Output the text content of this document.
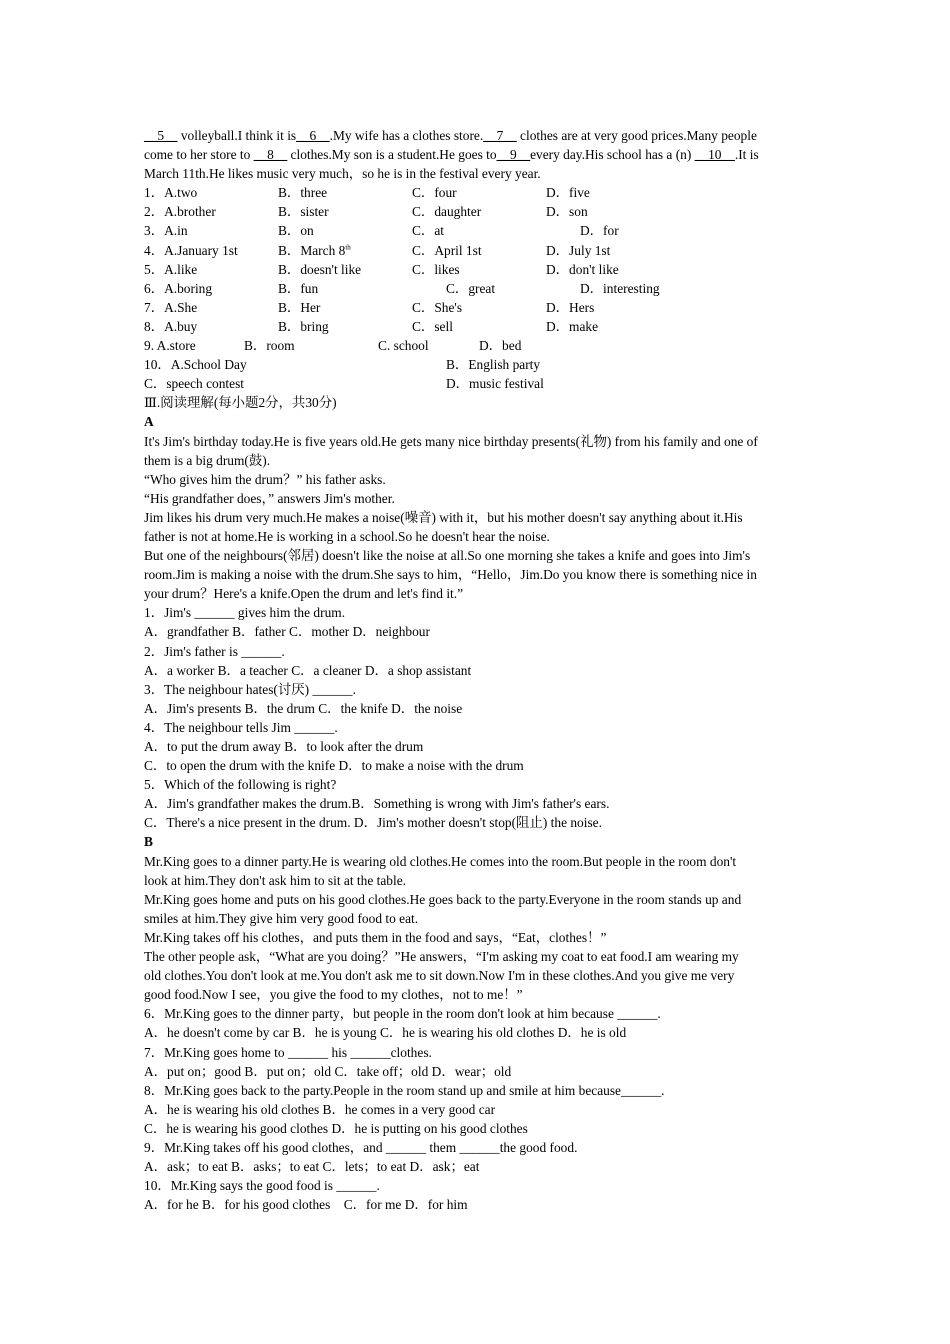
__5__ volleyball.I think it is__6__.My wife has a clothes store.__7__ clothes are at very good prices.Many people
come to her store to __8__ clothes.My son is a student.He goes to__9__every day.His school has a (n) __10__.It is
March 11th.He likes music very much，so he is in the festival every year.
1．A.two	B．three	C．four	D．five
2．A.brother	B．sister	C．daughter	D．son
3．A.in	B．on	C．at	D．for
4．A.January 1st	B．March 8th	C．April 1st	D．July 1st
5．A.like	B．doesn't like	C．likes	D．don't like
6．A.boring	B．fun	C．great	D．interesting
7．A.She	B．Her	C．She's	D．Hers
8．A.buy	B．bring	C．sell	D．make
9. A.store	B．room	C. school	D．bed
10．A.School Day	B．English party
C．speech contest	D．music festival
Ⅲ.阅读理解(每小题2分，共30分)
A
It's Jim's birthday today.He is five years old.He gets many nice birthday presents(礼物) from his family and one of
them is a big drum(鼓).
“Who gives him the drum？” his father asks.
“His grandfather does，” answers Jim's mother.
Jim likes his drum very much.He makes a noise(噪音) with it，but his mother doesn't say anything about it.His
father is not at home.He is working in a school.So he doesn't hear the noise.
But one of the neighbours(邻居) doesn't like the noise at all.So one morning she takes a knife and goes into Jim's
room.Jim is making a noise with the drum.She says to him，“Hello，Jim.Do you know there is something nice in
your drum？Here's a knife.Open the drum and let's find it.”
1．Jim's ______ gives him the drum.
A．grandfather B．father C．mother D．neighbour
2．Jim's father is ______.
A．a worker B．a teacher C．a cleaner D．a shop assistant
3．The neighbour hates(讨厌) ______.
A．Jim's presents B．the drum C．the knife D．the noise
4．The neighbour tells Jim ______.
A．to put the drum away B．to look after the drum
C．to open the drum with the knife D．to make a noise with the drum
5．Which of the following is right?
A．Jim's grandfather makes the drum.B．Something is wrong with Jim's father's ears.
C．There's a nice present in the drum. D．Jim's mother doesn't stop(阻止) the noise.
B
Mr.King goes to a dinner party.He is wearing old clothes.He comes into the room.But people in the room don't
look at him.They don't ask him to sit at the table.
Mr.King goes home and puts on his good clothes.He goes back to the party.Everyone in the room stands up and
smiles at him.They give him very good food to eat.
Mr.King takes off his clothes，and puts them in the food and says，“Eat，clothes！”
The other people ask，“What are you doing？”He answers，“I'm asking my coat to eat food.I am wearing my
old clothes.You don't look at me.You don't ask me to sit down.Now I'm in these clothes.And you give me very
good food.Now I see，you give the food to my clothes，not to me！”
6．Mr.King goes to the dinner party，but people in the room don't look at him because ______.
A．he doesn't come by car B．he is young C．he is wearing his old clothes D．he is old
7．Mr.King goes home to ______ his ______clothes.
A．put on；good B．put on；old C．take off；old D．wear；old
8．Mr.King goes back to the party.People in the room stand up and smile at him because______.
A．he is wearing his old clothes B．he comes in a very good car
C．he is wearing his good clothes D．he is putting on his good clothes
9．Mr.King takes off his good clothes，and ______ them ______the good food.
A．ask；to eat B．asks；to eat C．lets；to eat D．ask；eat
10．Mr.King says the good food is ______.
A．for he B．for his good clothes　C．for me D．for him
